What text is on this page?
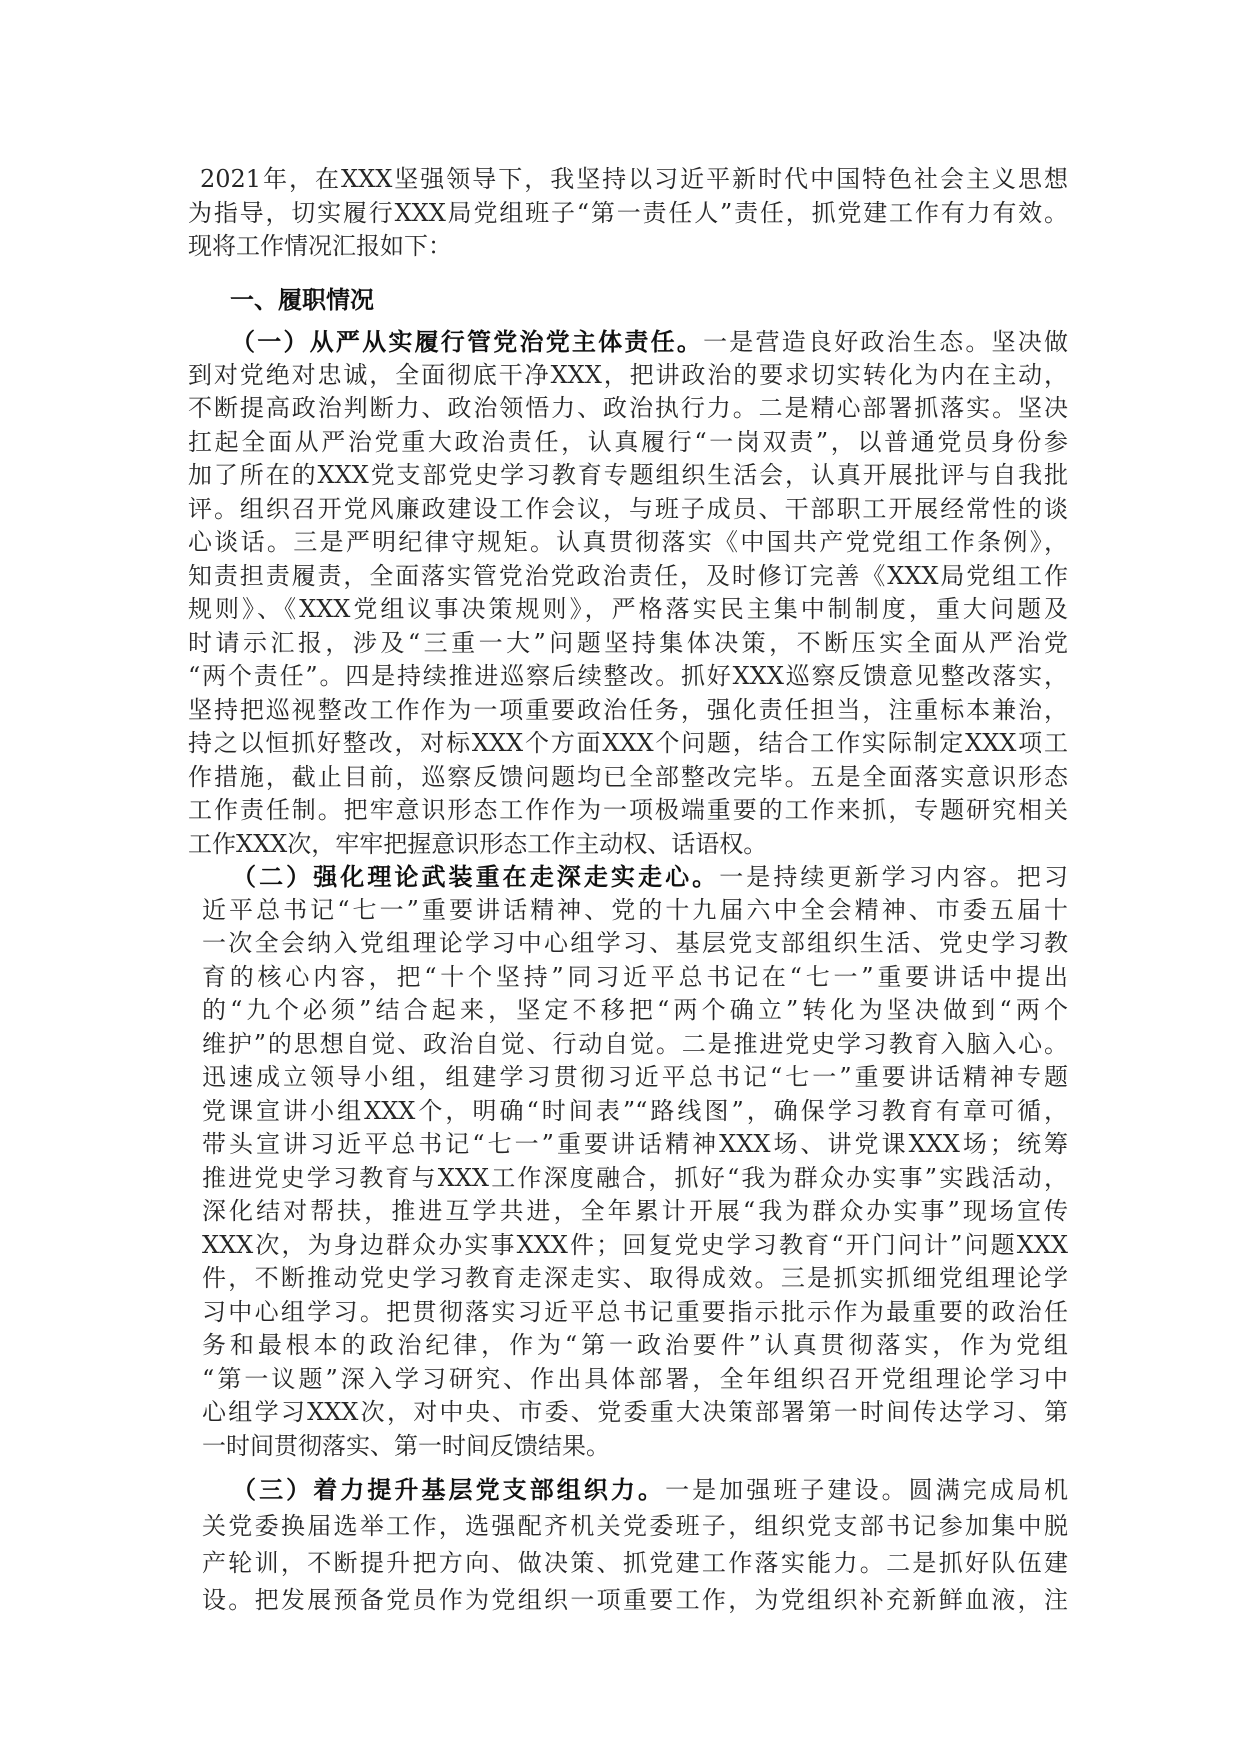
2021年，在XXX坚强领导下，我坚持以习近平新时代中国特色社会主义思想
为指导，切实履行XXX局党组班子“第一责任人”责任，抓党建工作有力有效。
现将工作情况汇报如下：
一、履职情况
（一）从严从实履行管党治党主体责任。一是营造良好政治生态。坚决做
到对党绝对忠诚，全面彻底干净XXX，把讲政治的要求切实转化为内在主动，
不断提高政治判断力、政治领悟力、政治执行力。二是精心部署抓落实。坚决
扛起全面从严治党重大政治责任，认真履行“一岗双责”，以普通党员身份参
加了所在的XXX党支部党史学习教育专题组织生活会，认真开展批评与自我批
评。组织召开党风廉政建设工作会议，与班子成员、干部职工开展经常性的谈
心谈话。三是严明纪律守规矩。认真贯彻落实《中国共产党党组工作条例》，
知责担责履责，全面落实管党治党政治责任，及时修订完善《XXX局党组工作
规则》、《XXX党组议事决策规则》，严格落实民主集中制制度，重大问题及
时请示汇报，涉及“三重一大”问题坚持集体决策，不断压实全面从严治党
“两个责任”。四是持续推进巡察后续整改。抓好XXX巡察反馈意见整改落实，
坚持把巡视整改工作作为一项重要政治任务，强化责任担当，注重标本兼治，
持之以恒抓好整改，对标XXX个方面XXX个问题，结合工作实际制定XXX项工
作措施，截止目前，巡察反馈问题均已全部整改完毕。五是全面落实意识形态
工作责任制。把牢意识形态工作作为一项极端重要的工作来抓，专题研究相关
工作XXX次，牢牢把握意识形态工作主动权、话语权。
（二）强化理论武装重在走深走实走心。一是持续更新学习内容。把习
近平总书记“七一”重要讲话精神、党的十九届六中全会精神、市委五届十
一次全会纳入党组理论学习中心组学习、基层党支部组织生活、党史学习教
育的核心内容，把“十个坚持”同习近平总书记在“七一”重要讲话中提出
的“九个必须”结合起来，坚定不移把“两个确立”转化为坚决做到“两个
维护”的思想自觉、政治自觉、行动自觉。二是推进党史学习教育入脑入心。
迅速成立领导小组，组建学习贯彻习近平总书记“七一”重要讲话精神专题
党课宣讲小组XXX个，明确“时间表”“路线图”，确保学习教育有章可循，
带头宣讲习近平总书记“七一”重要讲话精神XXX场、讲党课XXX场；统筹
推进党史学习教育与XXX工作深度融合，抓好“我为群众办实事”实践活动，
深化结对帮扶，推进互学共进，全年累计开展“我为群众办实事”现场宣传
XXX次，为身边群众办实事XXX件；回复党史学习教育“开门问计”问题XXX
件，不断推动党史学习教育走深走实、取得成效。三是抓实抓细党组理论学
习中心组学习。把贯彻落实习近平总书记重要指示批示作为最重要的政治任
务和最根本的政治纪律，作为“第一政治要件”认真贯彻落实，作为党组
“第一议题”深入学习研究、作出具体部署，全年组织召开党组理论学习中
心组学习XXX次，对中央、市委、党委重大决策部署第一时间传达学习、第
一时间贯彻落实、第一时间反馈结果。
（三）着力提升基层党支部组织力。一是加强班子建设。圆满完成局机
关党委换届选举工作，选强配齐机关党委班子，组织党支部书记参加集中脱
产轮训，不断提升把方向、做决策、抓党建工作落实能力。二是抓好队伍建
设。把发展预备党员作为党组织一项重要工作，为党组织补充新鲜血液，注
